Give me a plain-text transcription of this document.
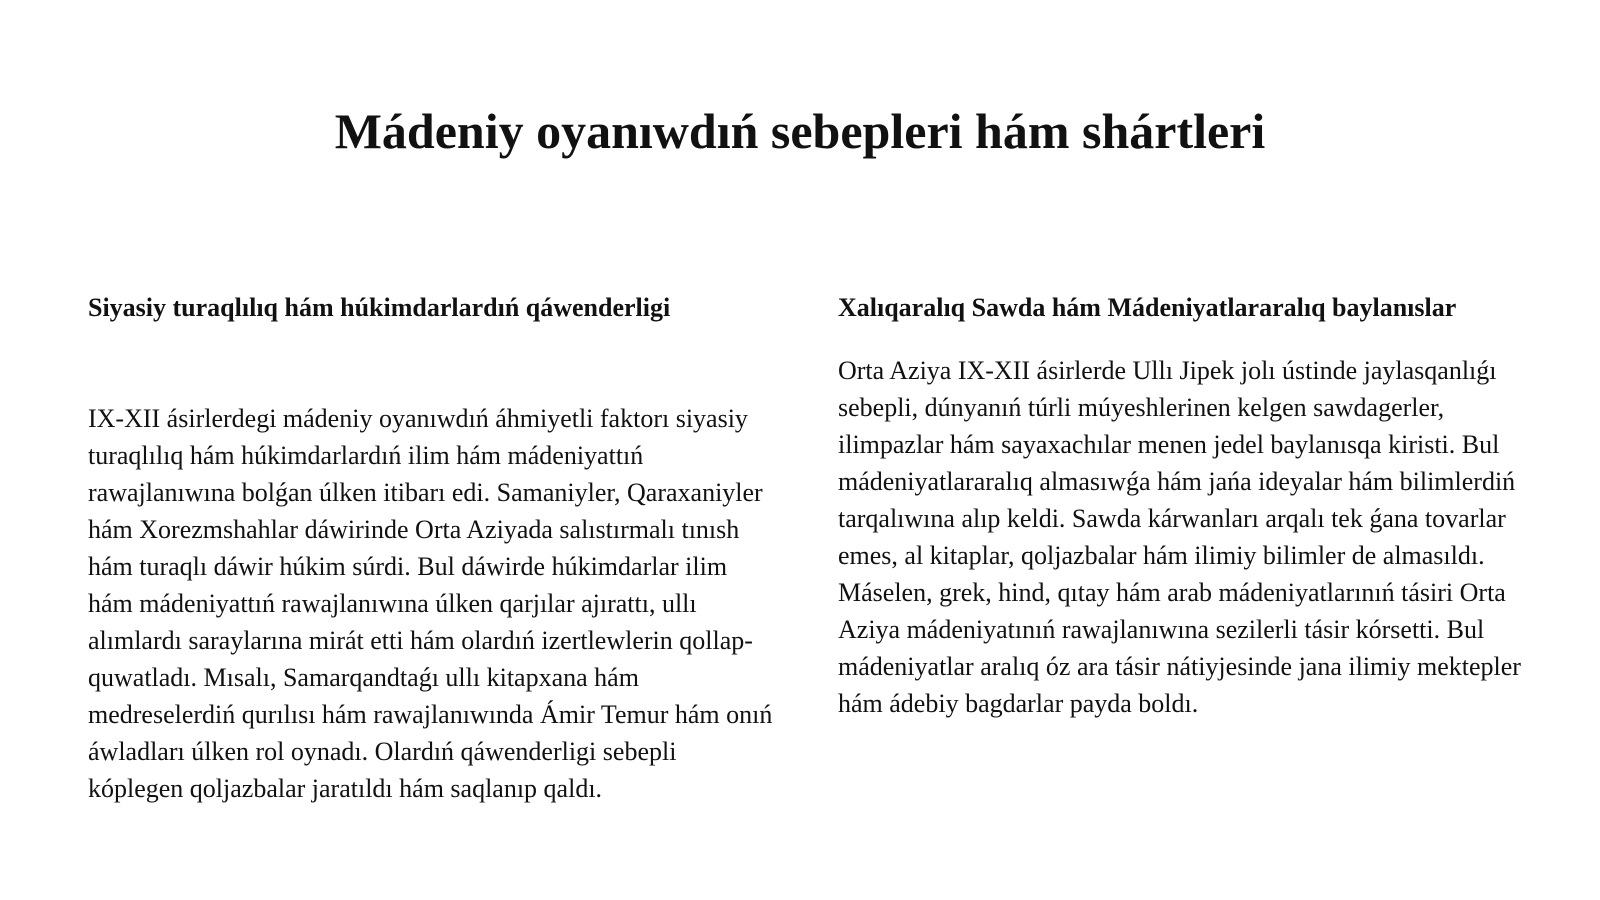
Mádeniy oyanıwdıń sebepleri hám shártleri
Siyasiy turaqlılıq hám húkimdarlardıń qáwenderligi

IX-XII ásirlerdegi mádeniy oyanıwdıń áhmiyetli faktorı siyasiy turaqlılıq hám húkimdarlardıń ilim hám mádeniyattıń rawajlanıwına bolǵan úlken itibarı edi. Samaniyler, Qaraxaniyler hám Xorezmshahlar dáwirinde Orta Aziyada salıstırmalı tınısh hám turaqlı dáwir húkim súrdi. Bul dáwirde húkimdarlar ilim hám mádeniyattıń rawajlanıwına úlken qarjılar ajırattı, ullı alımlardı saraylarına mirát etti hám olardıń izertlewlerin qollap-quwatladı. Mısalı, Samarqandtaǵı ullı kitapxana hám medreselerdiń qurılısı hám rawajlanıwında Ámir Temur hám onıń áwladları úlken rol oynadı. Olardıń qáwenderligi sebepli kóplegen qoljazbalar jaratıldı hám saqlanıp qaldı.

Xalıqaralıq Sawda hám Mádeniyatlararalıq baylanıslar

Orta Aziya IX-XII ásirlerde Ullı Jipek jolı ústinde jaylasqanlıǵı sebepli, dúnyanıń túrli múyeshlerinen kelgen sawdagerler, ilimpazlar hám sayaxachılar menen jedel baylanısqa kiristi. Bul mádeniyatlararalıq almasıwǵa hám jańa ideyalar hám bilimlerdiń tarqalıwına alıp keldi. Sawda kárwanları arqalı tek ǵana tovarlar emes, al kitaplar, qoljazbalar hám ilimiy bilimler de almasıldı. Máselen, grek, hind, qıtay hám arab mádeniyatlarınıń tásiri Orta Aziya mádeniyatınıń rawajlanıwına sezilerli tásir kórsetti. Bul mádeniyatlar aralıq óz ara tásir nátiyjesinde jana ilimiy mektepler hám ádebiy bagdarlar payda boldı.
